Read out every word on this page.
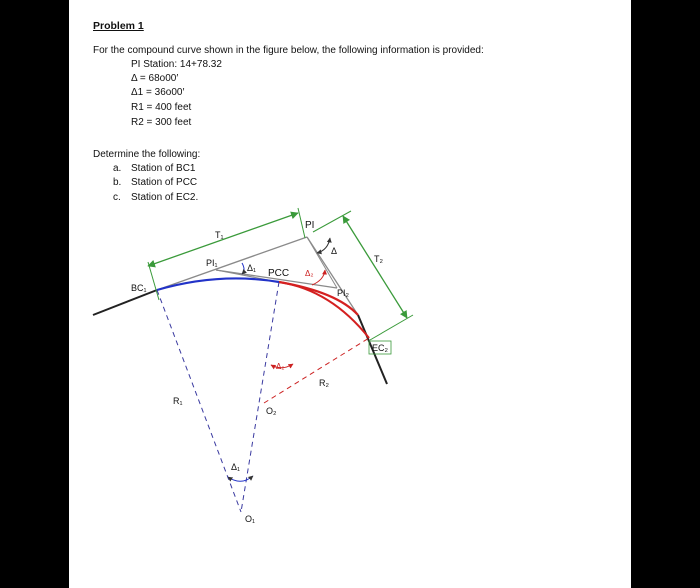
Problem 1
For the compound curve shown in the figure below, the following information is provided:
PI Station: 14+78.32
Δ = 68o00′
Δ1 = 36o00′
R1 = 400 feet
R2 = 300 feet
Determine the following:
a. Station of BC1
b. Station of PCC
c. Station of EC2.
PI
T₁
T₂
PI₁
Δ
Δ₁ PCC Δ₂
PI₂
BC₁
EC₂
R₁
R₂
Δ₂
O₂
Δ₁
O₁
